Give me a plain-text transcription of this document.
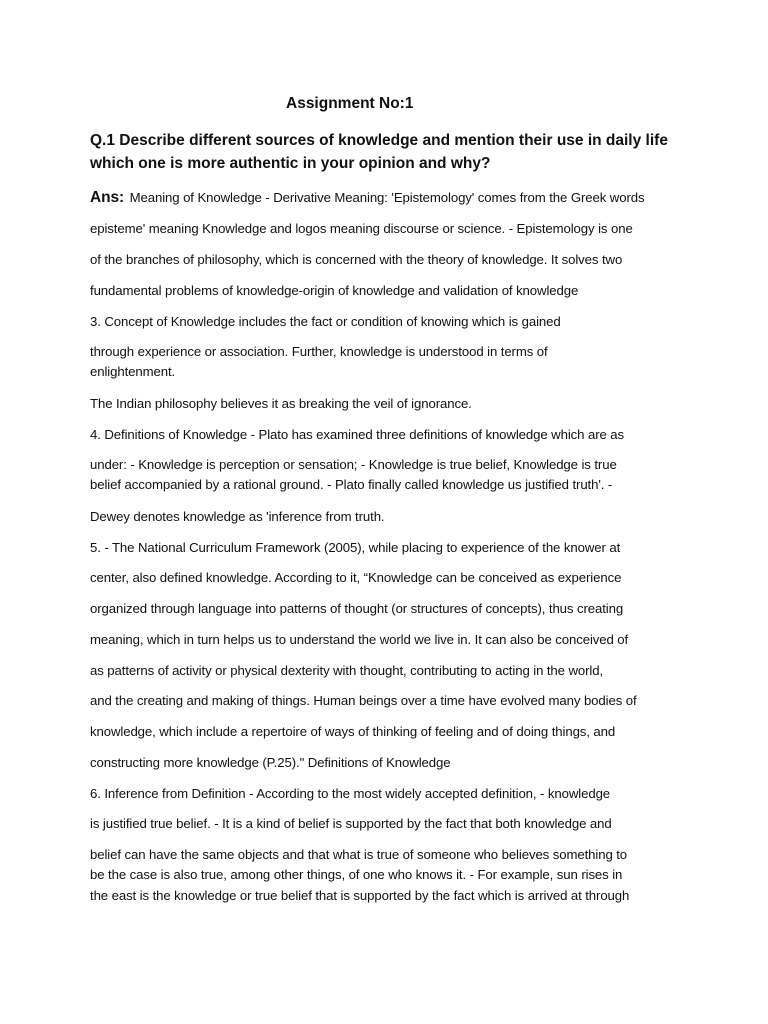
Assignment No:1
Q.1 Describe different sources of knowledge and mention their use in daily life
which one is more authentic in your opinion and why?
Ans: Meaning of Knowledge - Derivative Meaning: 'Epistemology' comes from the Greek words
episteme' meaning Knowledge and logos meaning discourse or science. - Epistemology is one
of the branches of philosophy, which is concerned with the theory of knowledge. It solves two
fundamental problems of knowledge-origin of knowledge and validation of knowledge
3. Concept of Knowledge includes the fact or condition of knowing which is gained
through experience or association. Further, knowledge is understood in terms of
enlightenment.
The Indian philosophy believes it as breaking the veil of ignorance.
4. Definitions of Knowledge - Plato has examined three definitions of knowledge which are as
under: - Knowledge is perception or sensation; - Knowledge is true belief, Knowledge is true
belief accompanied by a rational ground. - Plato finally called knowledge us justified truth'. -
Dewey denotes knowledge as 'inference from truth.
5. - The National Curriculum Framework (2005), while placing to experience of the knower at
center, also defined knowledge. According to it, “Knowledge can be conceived as experience
organized through language into patterns of thought (or structures of concepts), thus creating
meaning, which in turn helps us to understand the world we live in. It can also be conceived of
as patterns of activity or physical dexterity with thought, contributing to acting in the world,
and the creating and making of things. Human beings over a time have evolved many bodies of
knowledge, which include a repertoire of ways of thinking of feeling and of doing things, and
constructing more knowledge (P.25)." Definitions of Knowledge
6. Inference from Definition - According to the most widely accepted definition, - knowledge
is justified true belief. - It is a kind of belief is supported by the fact that both knowledge and
belief can have the same objects and that what is true of someone who believes something to
be the case is also true, among other things, of one who knows it. - For example, sun rises in
the east is the knowledge or true belief that is supported by the fact which is arrived at through
